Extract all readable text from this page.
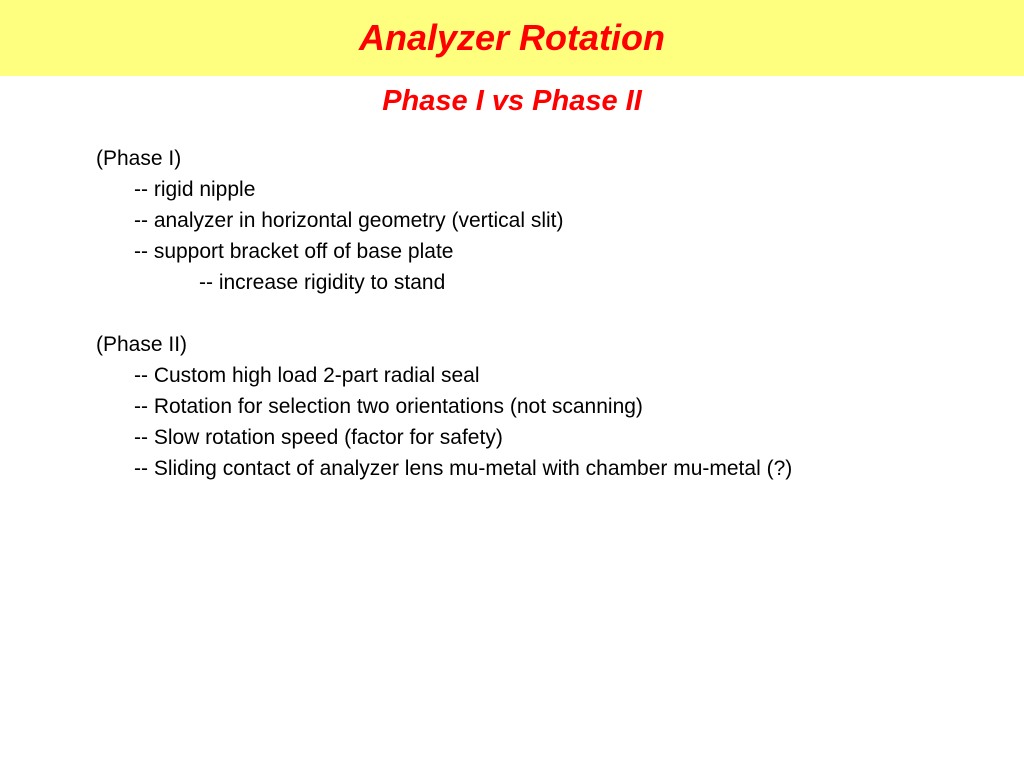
Analyzer Rotation
Phase I vs Phase II
(Phase I)
-- rigid nipple
-- analyzer in horizontal geometry (vertical slit)
-- support bracket off of base plate
-- increase rigidity to stand
(Phase II)
-- Custom high load 2-part radial seal
-- Rotation for selection two orientations (not scanning)
-- Slow rotation speed (factor for safety)
-- Sliding contact of analyzer lens mu-metal with chamber mu-metal (?)
